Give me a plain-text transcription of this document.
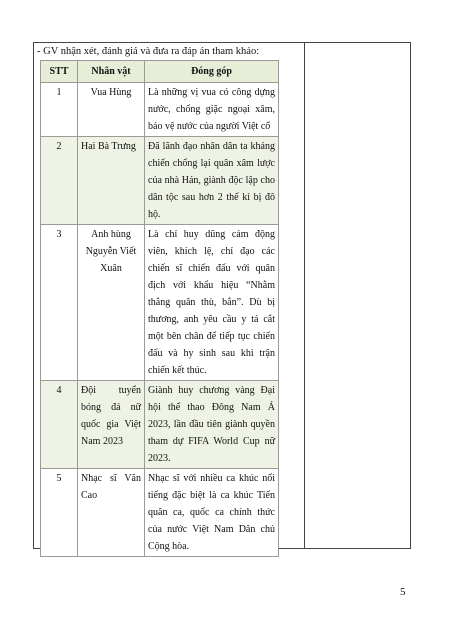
- GV nhận xét, đánh giá và đưa ra đáp án tham khảo:
STT	Nhân vật	Đóng góp
1	Vua Hùng	Là những vị vua có công dựng nước, chống giặc ngoại xâm, bảo vệ nước của người Việt cổ
2	Hai Bà Trưng	Đã lãnh đạo nhân dân ta kháng chiến chống lại quân xâm lược của nhà Hán, giành độc lập cho dân tộc sau hơn 2 thế kỉ bị đô hộ.
3	Anh hùng Nguyễn Viết Xuân	Là chỉ huy dũng cảm động viên, khích lệ, chỉ đạo các chiến sĩ chiến đấu với quân địch với khẩu hiệu “Nhằm thẳng quân thù, bắn”. Dù bị thương, anh yêu cầu y tá cắt một bên chân để tiếp tục chiến đấu và hy sinh sau khi trận chiến kết thúc.
4	Đội tuyển bóng đá nữ quốc gia Việt Nam 2023	Giành huy chương vàng Đại hội thể thao Đông Nam Á 2023, lần đầu tiên giành quyền tham dự FIFA World Cup nữ 2023.
5	Nhạc sĩ Văn Cao	Nhạc sĩ với nhiều ca khúc nổi tiếng đặc biệt là ca khúc Tiến quân ca, quốc ca chính thức của nước Việt Nam Dân chủ Cộng hòa.
5
